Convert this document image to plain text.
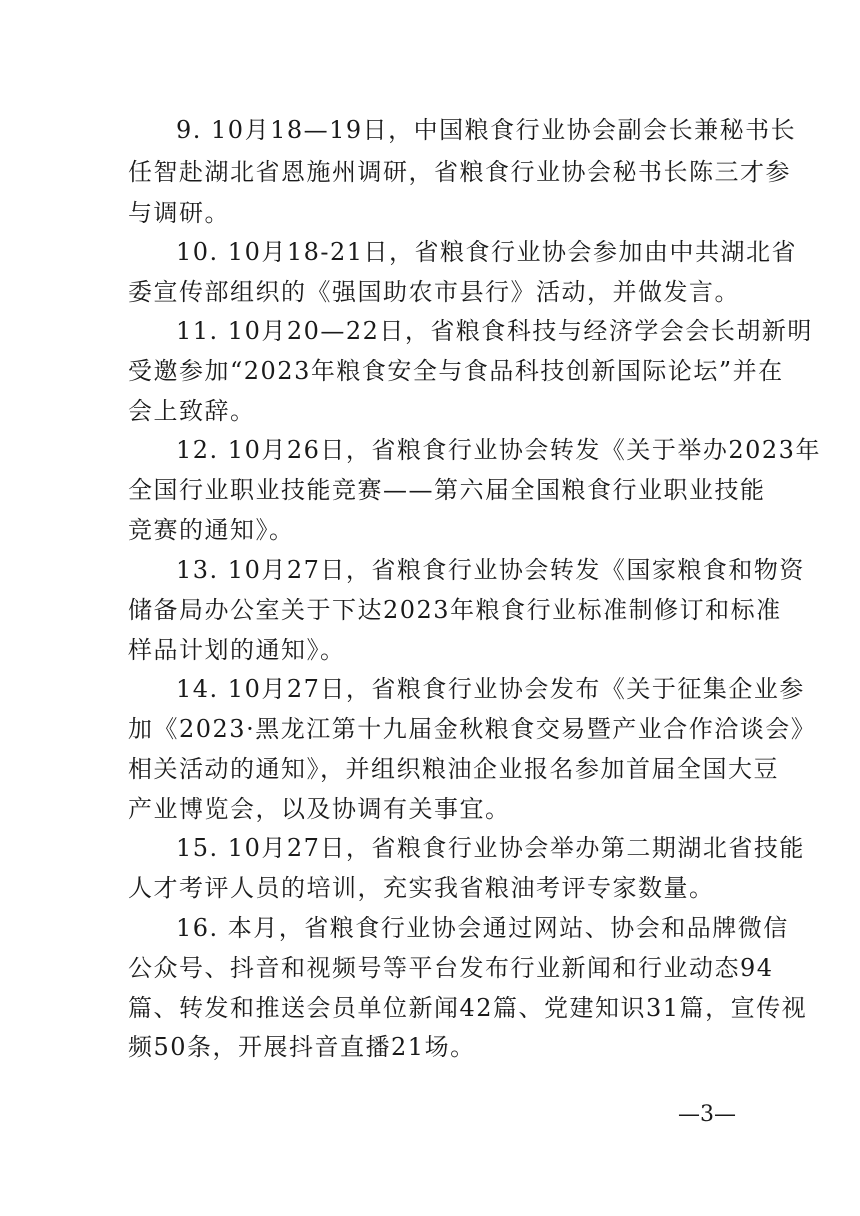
9. 10月18—19日，中国粮食行业协会副会长兼秘书长
任智赴湖北省恩施州调研，省粮食行业协会秘书长陈三才参
与调研。
10. 10月18-21日，省粮食行业协会参加由中共湖北省
委宣传部组织的《强国助农市县行》活动，并做发言。
11. 10月20—22日，省粮食科技与经济学会会长胡新明
受邀参加“2023年粮食安全与食品科技创新国际论坛”并在
会上致辞。
12. 10月26日，省粮食行业协会转发《关于举办2023年
全国行业职业技能竞赛——第六届全国粮食行业职业技能
竞赛的通知》。
13. 10月27日，省粮食行业协会转发《国家粮食和物资
储备局办公室关于下达2023年粮食行业标准制修订和标准
样品计划的通知》。
14. 10月27日，省粮食行业协会发布《关于征集企业参
加《2023·黑龙江第十九届金秋粮食交易暨产业合作洽谈会》
相关活动的通知》，并组织粮油企业报名参加首届全国大豆
产业博览会，以及协调有关事宜。
15. 10月27日，省粮食行业协会举办第二期湖北省技能
人才考评人员的培训，充实我省粮油考评专家数量。
16. 本月，省粮食行业协会通过网站、协会和品牌微信
公众号、抖音和视频号等平台发布行业新闻和行业动态94
篇、转发和推送会员单位新闻42篇、党建知识31篇，宣传视
频50条，开展抖音直播21场。
—3—
